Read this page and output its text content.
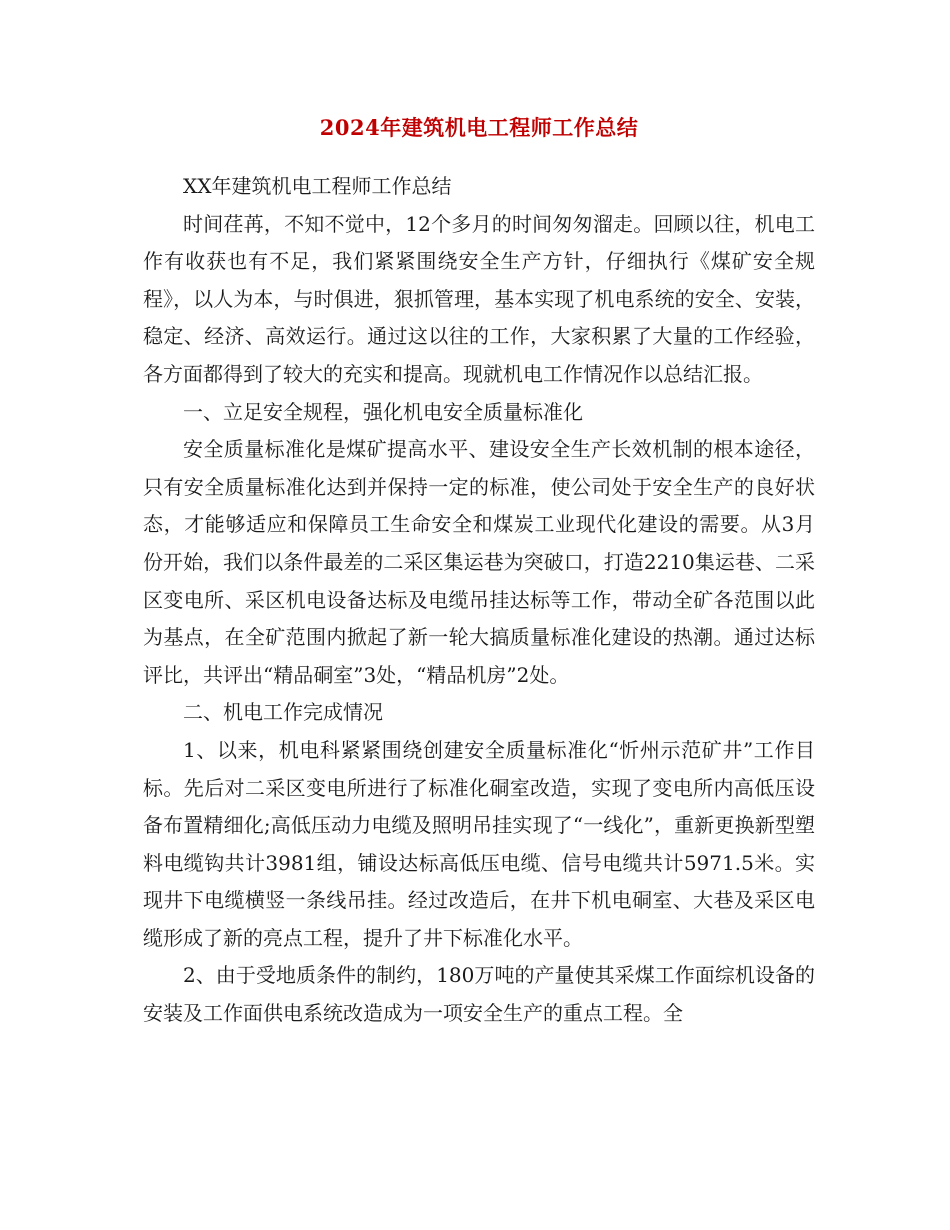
2024年建筑机电工程师工作总结

XX年建筑机电工程师工作总结

时间荏苒，不知不觉中，12个多月的时间匆匆溜走。回顾以往，机电工作有收获也有不足，我们紧紧围绕安全生产方针，仔细执行《煤矿安全规程》，以人为本，与时俱进，狠抓管理，基本实现了机电系统的安全、安装，稳定、经济、高效运行。通过这以往的工作，大家积累了大量的工作经验，各方面都得到了较大的充实和提高。现就机电工作情况作以总结汇报。

一、立足安全规程，强化机电安全质量标准化

安全质量标准化是煤矿提高水平、建设安全生产长效机制的根本途径，只有安全质量标准化达到并保持一定的标准，使公司处于安全生产的良好状态，才能够适应和保障员工生命安全和煤炭工业现代化建设的需要。从3月份开始，我们以条件最差的二采区集运巷为突破口，打造2210集运巷、二采区变电所、采区机电设备达标及电缆吊挂达标等工作，带动全矿各范围以此为基点，在全矿范围内掀起了新一轮大搞质量标准化建设的热潮。通过达标评比，共评出“精品硐室”3处，“精品机房”2处。

二、机电工作完成情况

1、以来，机电科紧紧围绕创建安全质量标准化“忻州示范矿井”工作目标。先后对二采区变电所进行了标准化硐室改造，实现了变电所内高低压设备布置精细化;高低压动力电缆及照明吊挂实现了“一线化”，重新更换新型塑料电缆钩共计3981组，铺设达标高低压电缆、信号电缆共计5971.5米。实现井下电缆横竖一条线吊挂。经过改造后，在井下机电硐室、大巷及采区电缆形成了新的亮点工程，提升了井下标准化水平。

2、由于受地质条件的制约，180万吨的产量使其采煤工作面综机设备的安装及工作面供电系统改造成为一项安全生产的重点工程。全
